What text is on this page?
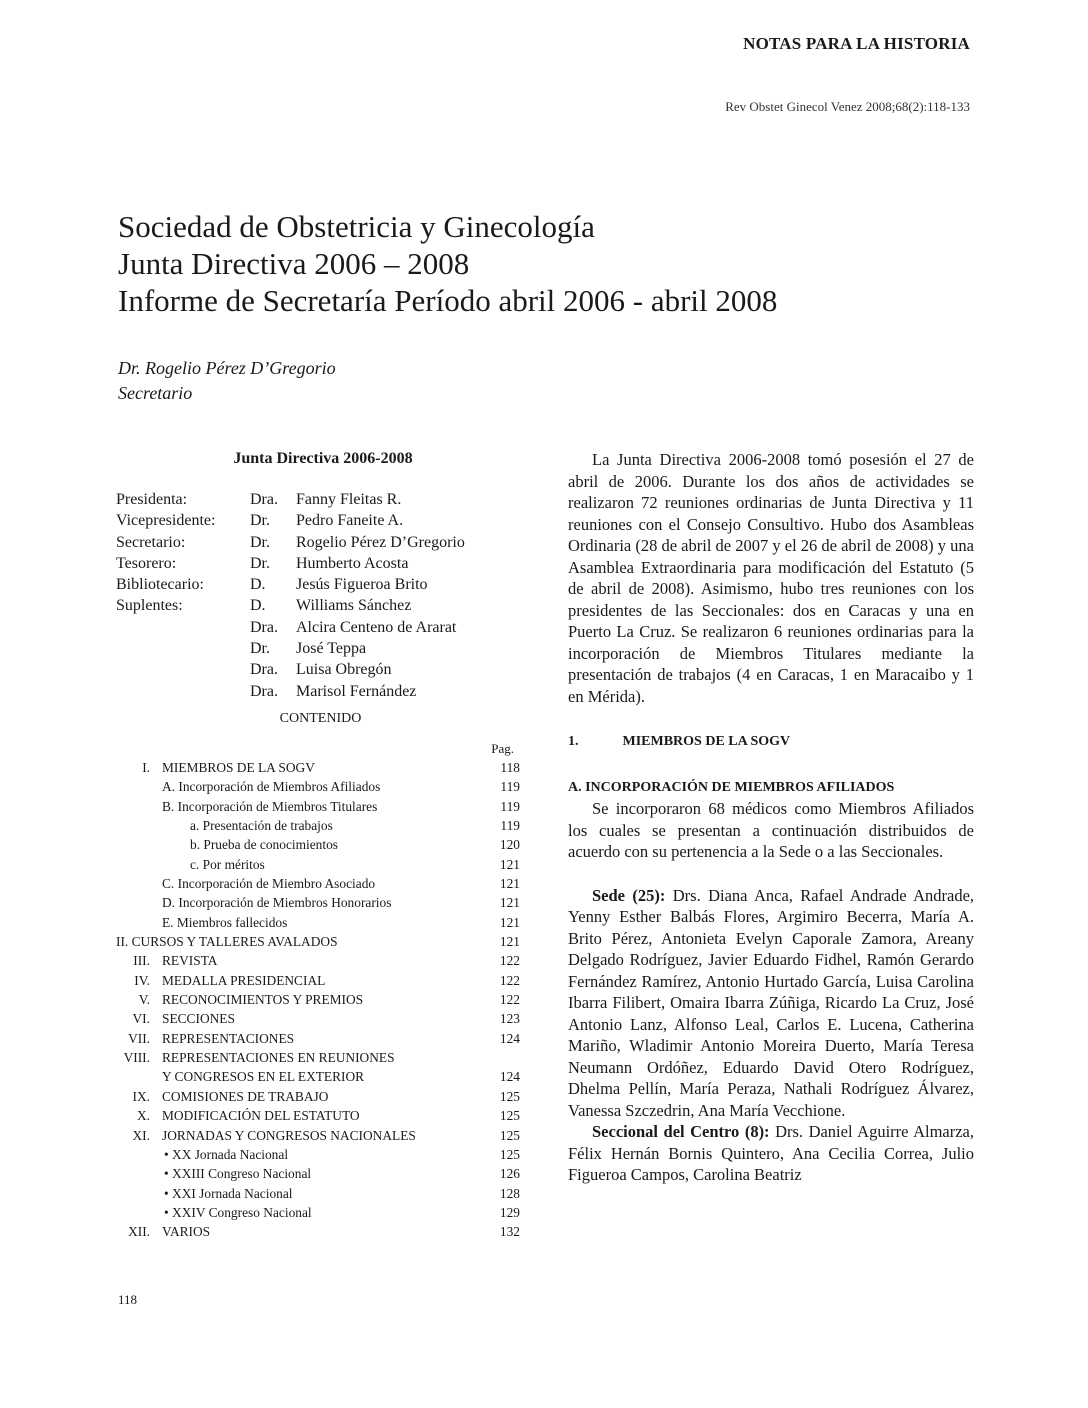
NOTAS PARA LA HISTORIA
Rev Obstet Ginecol Venez 2008;68(2):118-133
Sociedad de Obstetricia y Ginecología
Junta Directiva 2006 – 2008
Informe de Secretaría Período abril 2006 - abril 2008
Dr. Rogelio Pérez D’Gregorio
Secretario
Junta Directiva 2006-2008
Presidenta:	Dra. Fanny Fleitas R.
Vicepresidente: Dr. Pedro Faneite A.
Secretario:	Dr. Rogelio Pérez D’Gregorio
Tesorero:	Dr. Humberto Acosta
Bibliotecario:	D. Jesús Figueroa Brito
Suplentes:	D. Williams Sánchez
Dra. Alcira Centeno de Ararat
Dr. José Teppa
Dra. Luisa Obregón
Dra. Marisol Fernández
CONTENIDO
Pag.
I. MIEMBROS DE LA SOGV	118
A. Incorporación de Miembros Afiliados	119
B. Incorporación de Miembros Titulares	119
a. Presentación de trabajos	119
b. Prueba de conocimientos	120
c. Por méritos	121
C. Incorporación de Miembro Asociado	121
D. Incorporación de Miembros Honorarios	121
E. Miembros fallecidos	121
II. CURSOS Y TALLERES AVALADOS	121
III. REVISTA	122
IV. MEDALLA PRESIDENCIAL	122
V. RECONOCIMIENTOS Y PREMIOS	122
VI. SECCIONES	123
VII. REPRESENTACIONES	124
VIII. REPRESENTACIONES EN REUNIONES
Y CONGRESOS EN EL EXTERIOR	124
IX. COMISIONES DE TRABAJO	125
X. MODIFICACIÓN DEL ESTATUTO	125
XI. JORNADAS Y CONGRESOS NACIONALES	125
• XX Jornada Nacional	125
• XXIII Congreso Nacional	126
• XXI Jornada Nacional	128
• XXIV Congreso Nacional	129
XII. VARIOS	132

La Junta Directiva 2006-2008 tomó posesión el 27 de abril de 2006. Durante los dos años de actividades se realizaron 72 reuniones ordinarias de Junta Directiva y 11 reuniones con el Consejo Consultivo. Hubo dos Asambleas Ordinaria (28 de abril de 2007 y el 26 de abril de 2008) y una Asamblea Extraordinaria para modificación del Estatuto (5 de abril de 2008). Asimismo, hubo tres reuniones con los presidentes de las Seccionales: dos en Caracas y una en Puerto La Cruz. Se realizaron 6 reuniones ordinarias para la incorporación de Miembros Titulares mediante la presentación de trabajos (4 en Caracas, 1 en Maracaibo y 1 en Mérida).

1.	MIEMBROS DE LA SOGV

A. INCORPORACIÓN DE MIEMBROS AFILIADOS

Se incorporaron 68 médicos como Miembros Afiliados los cuales se presentan a continuación distribuidos de acuerdo con su pertenencia a la Sede o a las Seccionales.

Sede (25): Drs. Diana Anca, Rafael Andrade Andrade, Yenny Esther Balbás Flores, Argimiro Becerra, María A. Brito Pérez, Antonieta Evelyn Caporale Zamora, Areany Delgado Rodríguez, Javier Eduardo Fidhel, Ramón Gerardo Fernández Ramírez, Antonio Hurtado García, Luisa Carolina Ibarra Filibert, Omaira Ibarra Zúñiga, Ricardo La Cruz, José Antonio Lanz, Alfonso Leal, Carlos E. Lucena, Catherina Mariño, Wladimir Antonio Moreira Duerto, María Teresa Neumann Ordóñez, Eduardo David Otero Rodríguez, Dhelma Pellín, María Peraza, Nathali Rodríguez Álvarez, Vanessa Szczedrin, Ana María Vecchione.

Seccional del Centro (8): Drs. Daniel Aguirre Almarza, Félix Hernán Bornis Quintero, Ana Cecilia Correa, Julio Figueroa Campos, Carolina Beatriz

118
